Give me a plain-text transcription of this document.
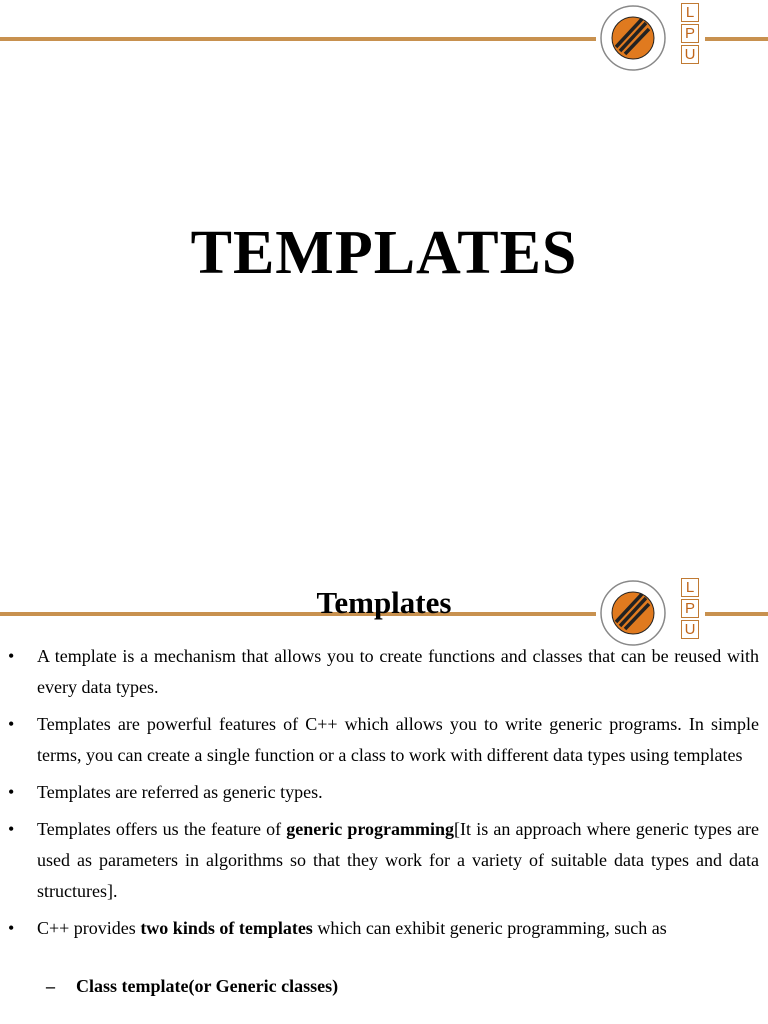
L
P
U
TEMPLATES
L
P
U
Templates
• A template is a mechanism that allows you to create functions and classes that can be reused with every data types.
• Templates are powerful features of C++ which allows you to write generic programs. In simple terms, you can create a single function or a class to work with different data types using templates
• Templates are referred as generic types.
• Templates offers us the feature of generic programming[It is an approach where generic types are used as parameters in algorithms so that they work for a variety of suitable data types and data structures].
• C++ provides two kinds of templates which can exhibit generic programming, such as
– Class template(or Generic classes)
